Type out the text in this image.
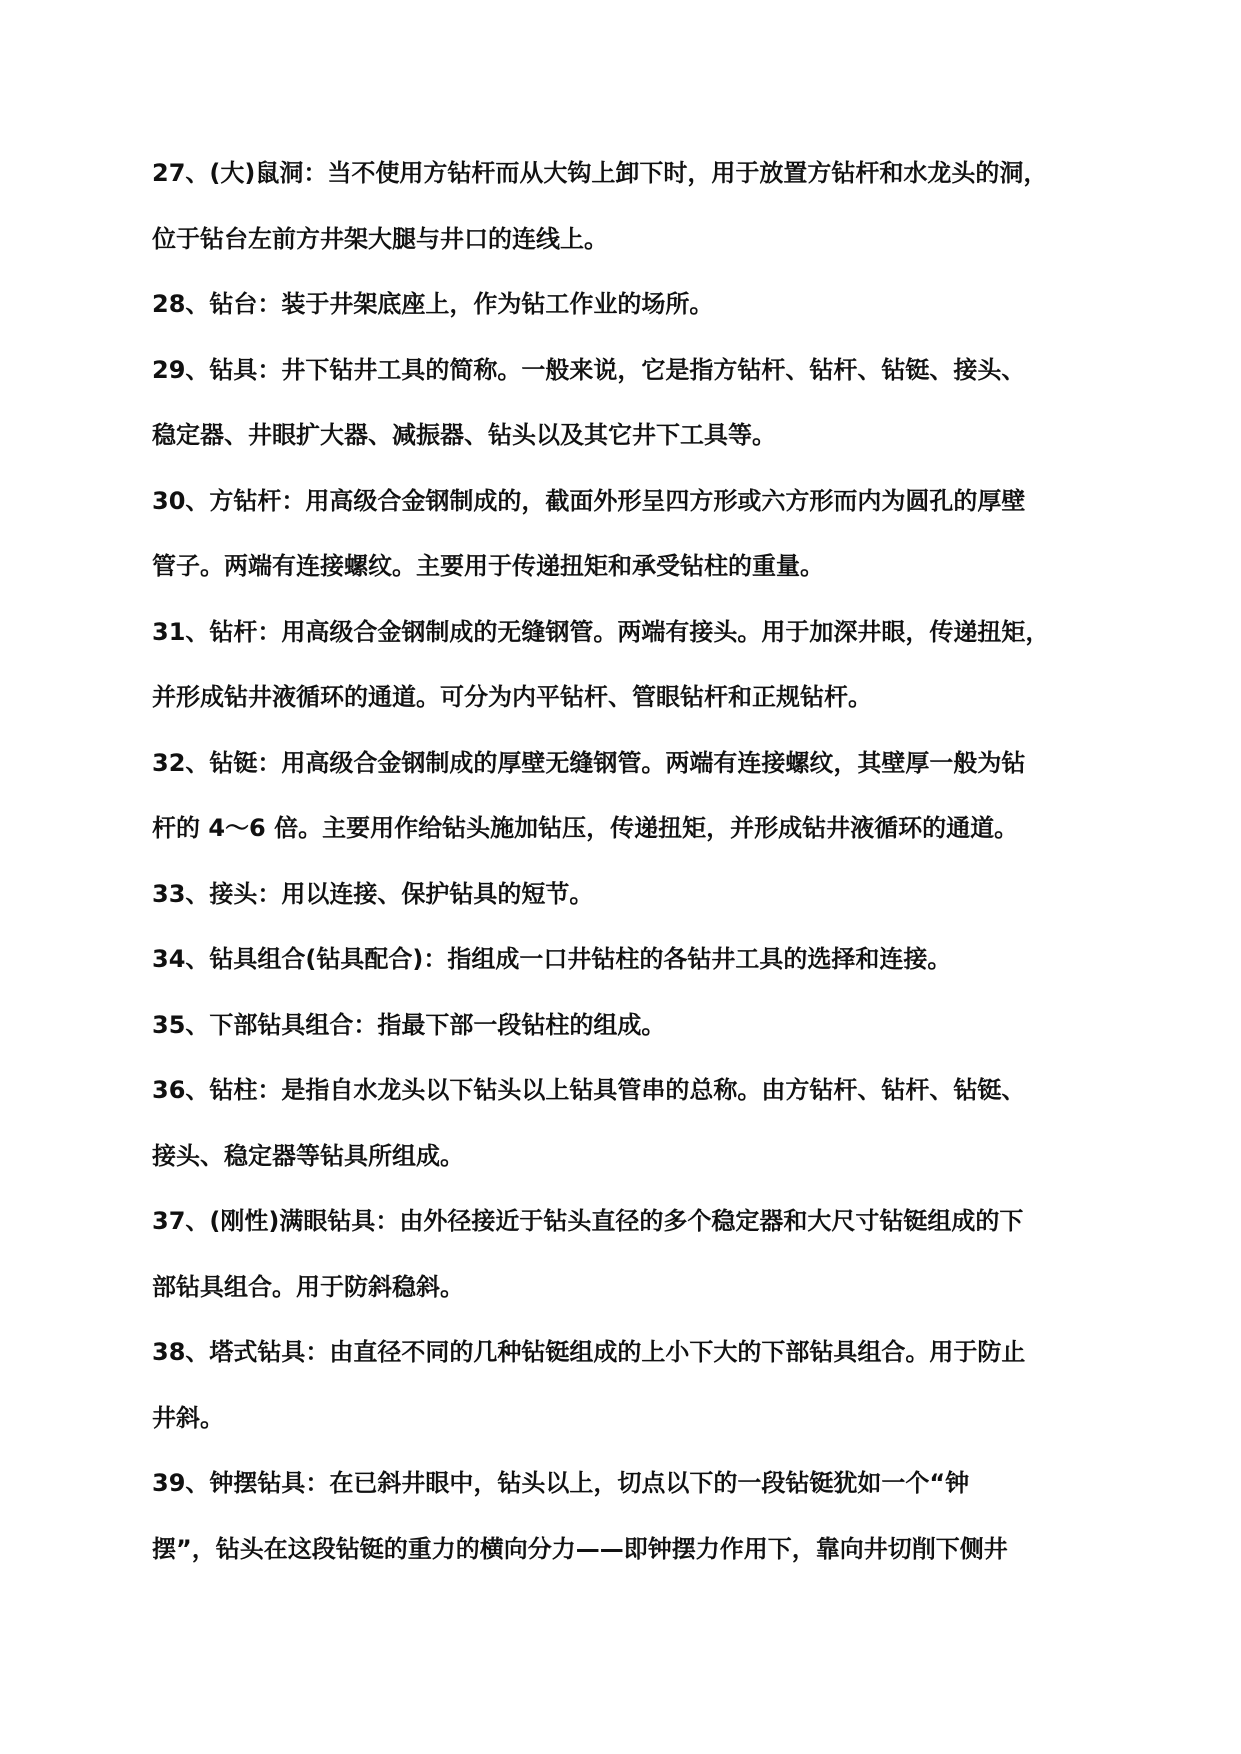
27、(大)鼠洞：当不使用方钻杆而从大钩上卸下时，用于放置方钻杆和水龙头的洞，
位于钻台左前方井架大腿与井口的连线上。
28、钻台：装于井架底座上，作为钻工作业的场所。
29、钻具：井下钻井工具的简称。一般来说，它是指方钻杆、钻杆、钻铤、接头、
稳定器、井眼扩大器、减振器、钻头以及其它井下工具等。
30、方钻杆：用高级合金钢制成的，截面外形呈四方形或六方形而内为圆孔的厚壁
管子。两端有连接螺纹。主要用于传递扭矩和承受钻柱的重量。
31、钻杆：用高级合金钢制成的无缝钢管。两端有接头。用于加深井眼，传递扭矩，
并形成钻井液循环的通道。可分为内平钻杆、管眼钻杆和正规钻杆。
32、钻铤：用高级合金钢制成的厚壁无缝钢管。两端有连接螺纹，其壁厚一般为钻
杆的 4～6 倍。主要用作给钻头施加钻压，传递扭矩，并形成钻井液循环的通道。
33、接头：用以连接、保护钻具的短节。
34、钻具组合(钻具配合)：指组成一口井钻柱的各钻井工具的选择和连接。
35、下部钻具组合：指最下部一段钻柱的组成。
36、钻柱：是指自水龙头以下钻头以上钻具管串的总称。由方钻杆、钻杆、钻铤、
接头、稳定器等钻具所组成。
37、(刚性)满眼钻具：由外径接近于钻头直径的多个稳定器和大尺寸钻铤组成的下
部钻具组合。用于防斜稳斜。
38、塔式钻具：由直径不同的几种钻铤组成的上小下大的下部钻具组合。用于防止
井斜。
39、钟摆钻具：在已斜井眼中，钻头以上，切点以下的一段钻铤犹如一个“钟
摆”，钻头在这段钻铤的重力的横向分力——即钟摆力作用下，靠向井切削下侧井
